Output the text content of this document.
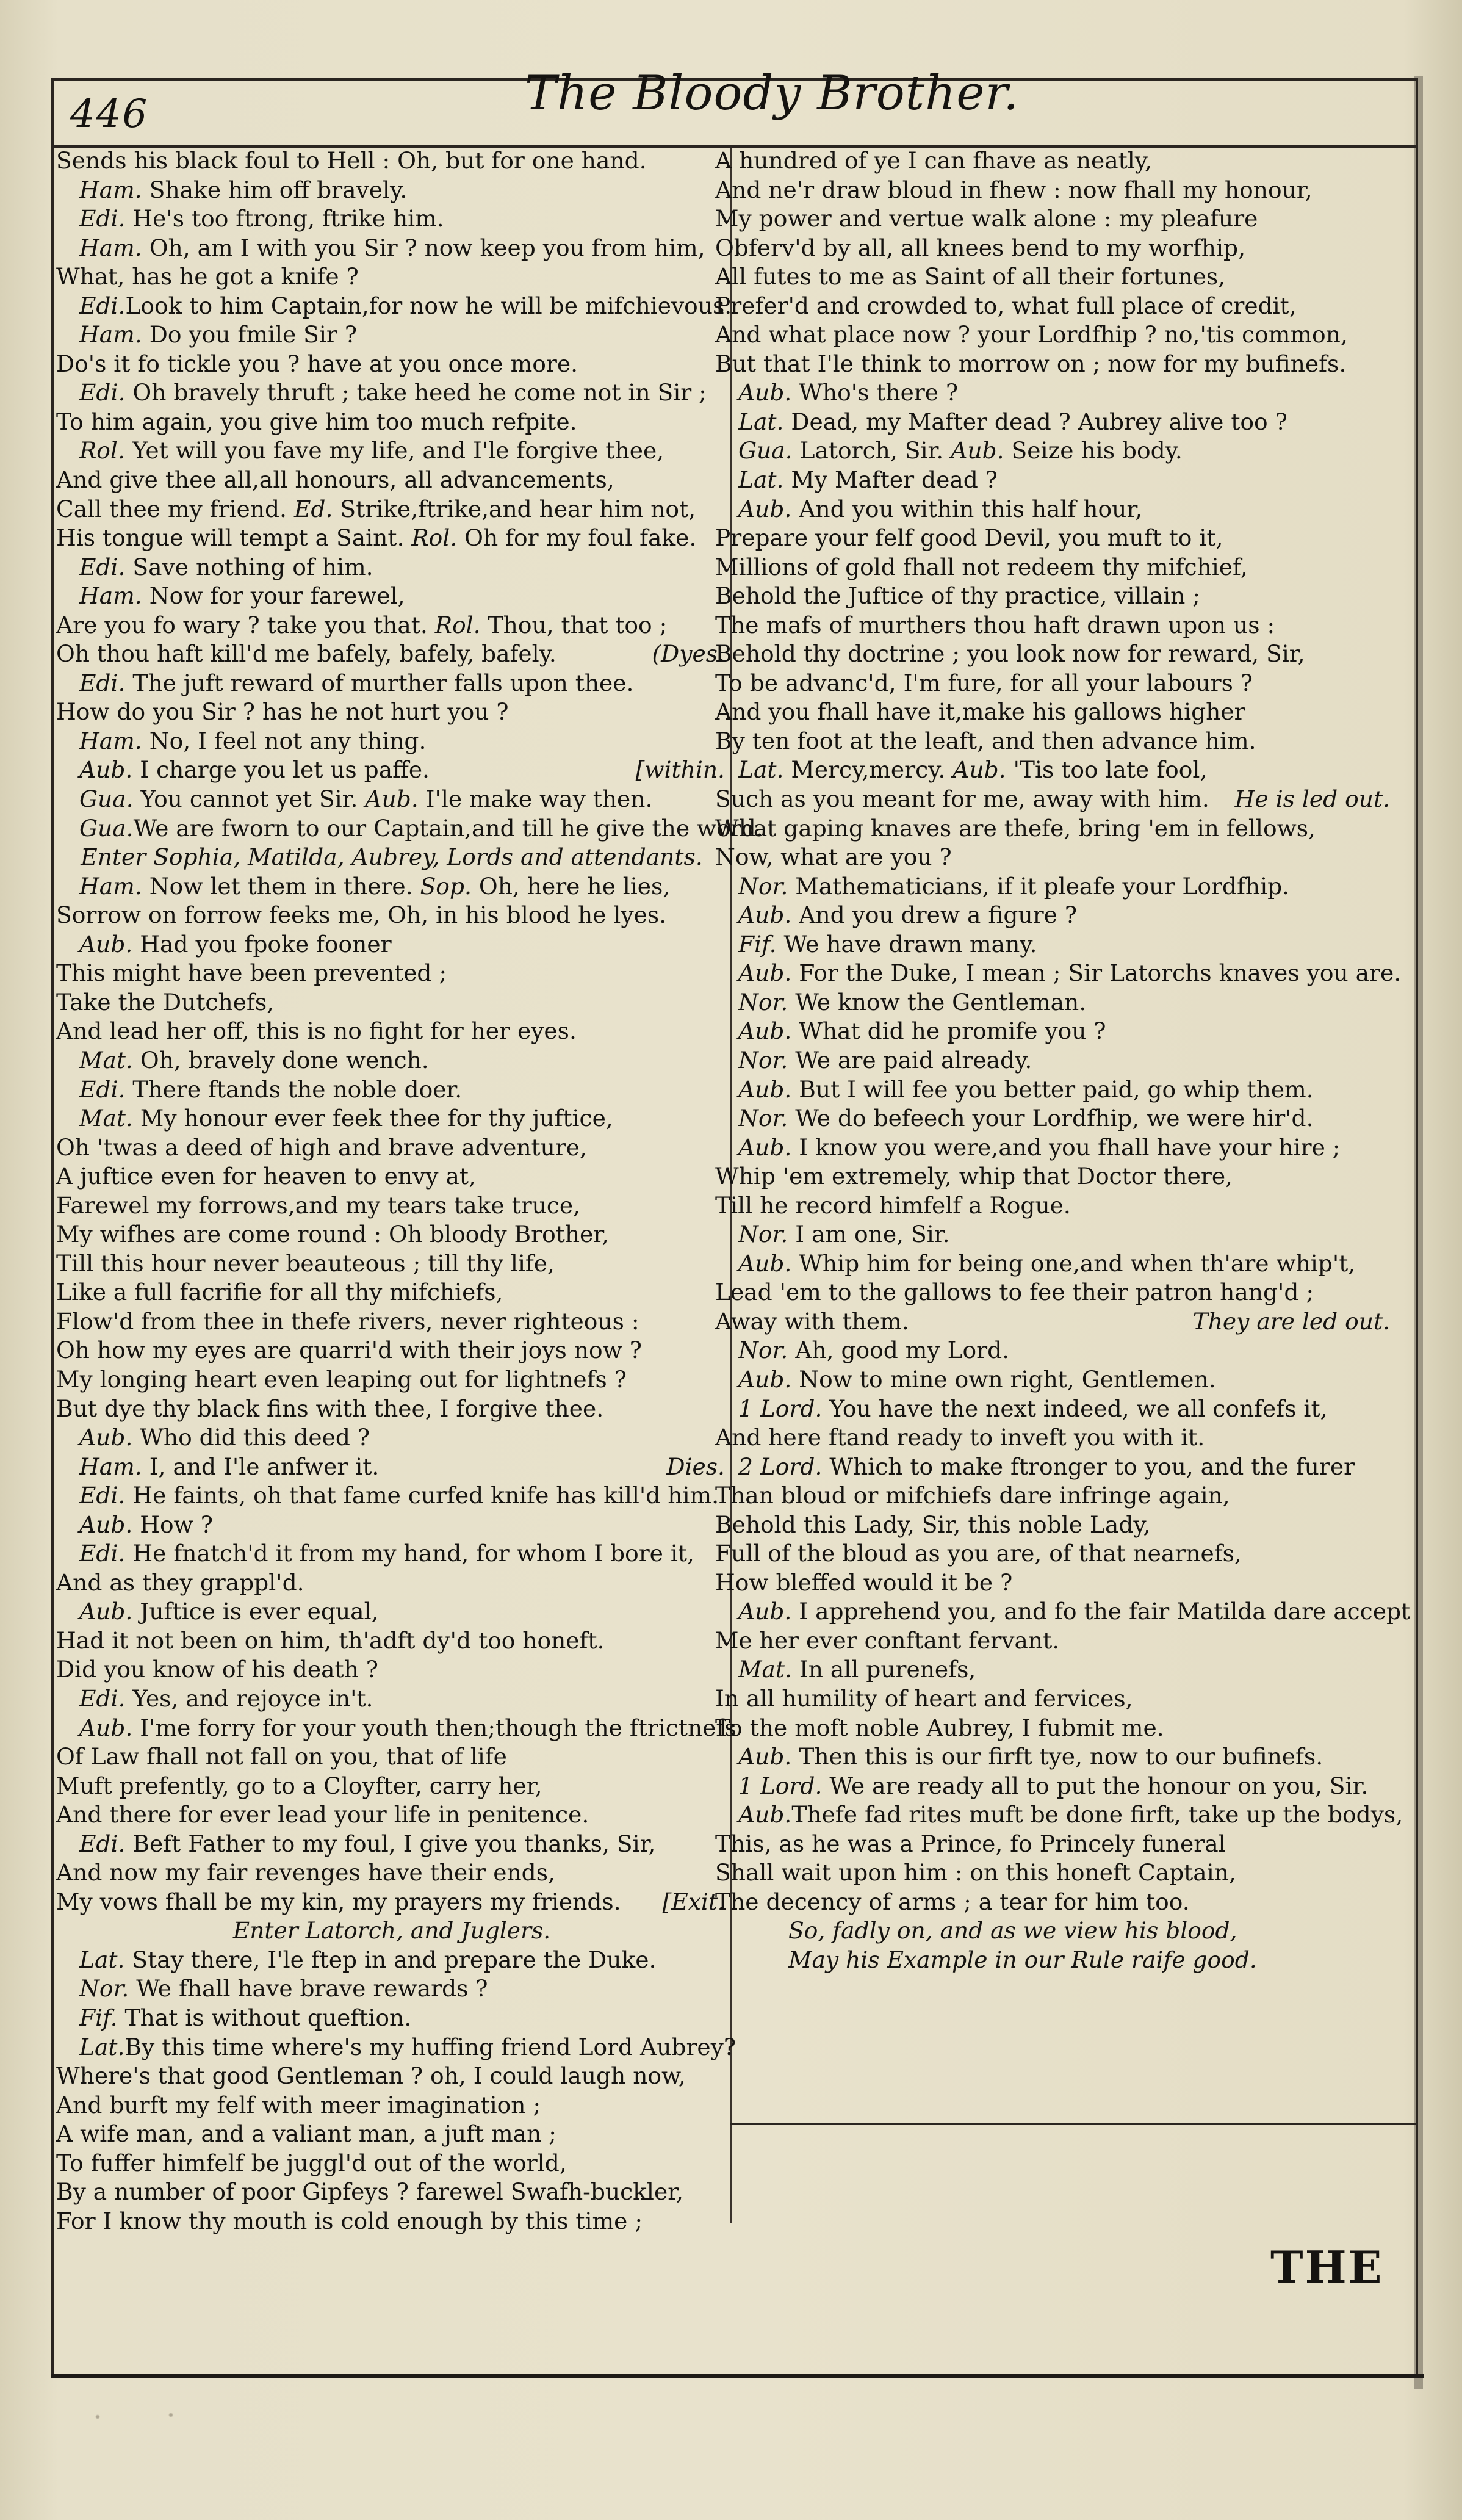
446	The Bloody Brother.
Sends his black foul to Hell : Oh, but for one hand.
Ham. Shake him off bravely.
Edi. He's too ftrong, ftrike him.
Ham. Oh, am I with you Sir ? now keep you from him,
What, has he got a knife ?
Edi.Look to him Captain,for now he will be mifchievous.
Ham. Do you fmile Sir ?
Do's it fo tickle you ? have at you once more.
Edi. Oh bravely thruft ; take heed he come not in Sir ;
To him again, you give him too much refpite.
Rol. Yet will you fave my life, and I'le forgive thee,
And give thee all,all honours, all advancements,
Call thee my friend. Ed. Strike,ftrike,and hear him not,
His tongue will tempt a Saint. Rol. Oh for my foul fake.
Edi. Save nothing of him.
Ham. Now for your farewel,
Are you fo wary ? take you that. Rol. Thou, that too ;
Oh thou haft kill'd me bafely, bafely, bafely.	(Dyes.
Edi. The juft reward of murther falls upon thee.
How do you Sir ? has he not hurt you ?
Ham. No, I feel not any thing.
Aub. I charge you let us paffe.	[within.
Gua. You cannot yet Sir. Aub. I'le make way then.
Gua.We are fworn to our Captain,and till he give the word.
Enter Sophia, Matilda, Aubrey, Lords and attendants.
Ham. Now let them in there. Sop. Oh, here he lies,
Sorrow on forrow feeks me, Oh, in his blood he lyes.
Aub. Had you fpoke fooner
This might have been prevented ;
Take the Dutchefs,
And lead her off, this is no fight for her eyes.
Mat. Oh, bravely done wench.
Edi. There ftands the noble doer.
Mat. My honour ever feek thee for thy juftice,
Oh 'twas a deed of high and brave adventure,
A juftice even for heaven to envy at,
Farewel my forrows,and my tears take truce,
My wifhes are come round : Oh bloody Brother,
Till this hour never beauteous ; till thy life,
Like a full facrifie for all thy mifchiefs,
Flow'd from thee in thefe rivers, never righteous :
Oh how my eyes are quarri'd with their joys now ?
My longing heart even leaping out for lightnefs ?
But dye thy black fins with thee, I forgive thee.
Aub. Who did this deed ?
Ham. I, and I'le anfwer it.	Dies.
Edi. He faints, oh that fame curfed knife has kill'd him.
Aub. How ?
Edi. He fnatch'd it from my hand, for whom I bore it,
And as they grappl'd.
Aub. Juftice is ever equal,
Had it not been on him, th'adft dy'd too honeft.
Did you know of his death ?
Edi. Yes, and rejoyce in't.
Aub. I'me forry for your youth then;though the ftrictnefs
Of Law fhall not fall on you, that of life
Muft prefently, go to a Cloyfter, carry her,
And there for ever lead your life in penitence.
Edi. Beft Father to my foul, I give you thanks, Sir,
And now my fair revenges have their ends,
My vows fhall be my kin, my prayers my friends. [Exit.
Enter Latorch, and Juglers.
Lat. Stay there, I'le ftep in and prepare the Duke.
Nor. We fhall have brave rewards ?
Fif. That is without queftion.
Lat.By this time where's my huffing friend Lord Aubrey?
Where's that good Gentleman ? oh, I could laugh now,
And burft my felf with meer imagination ;
A wife man, and a valiant man, a juft man ;
To fuffer himfelf be juggl'd out of the world,
By a number of poor Gipfeys ? farewel Swafh-buckler,
For I know thy mouth is cold enough by this time ;
A hundred of ye I can fhave as neatly,
And ne'r draw bloud in fhew : now fhall my honour,
My power and vertue walk alone : my pleafure
Obferv'd by all, all knees bend to my worfhip,
All futes to me as Saint of all their fortunes,
Prefer'd and crowded to, what full place of credit,
And what place now ? your Lordfhip ? no,'tis common,
But that I'le think to morrow on ; now for my bufinefs.
Aub. Who's there ?
Lat. Dead, my Mafter dead ? Aubrey alive too ?
Gua. Latorch, Sir. Aub. Seize his body.
Lat. My Mafter dead ?
Aub. And you within this half hour,
Prepare your felf good Devil, you muft to it,
Millions of gold fhall not redeem thy mifchief,
Behold the Juftice of thy practice, villain ;
The mafs of murthers thou haft drawn upon us :
Behold thy doctrine ; you look now for reward, Sir,
To be advanc'd, I'm fure, for all your labours ?
And you fhall have it,make his gallows higher
By ten foot at the leaft, and then advance him.
Lat. Mercy,mercy. Aub. 'Tis too late fool,
Such as you meant for me, away with him. He is led out.
What gaping knaves are thefe, bring 'em in fellows,
Now, what are you ?
Nor. Mathematicians, if it pleafe your Lordfhip.
Aub. And you drew a figure ?
Fif. We have drawn many.
Aub. For the Duke, I mean ; Sir Latorchs knaves you are.
Nor. We know the Gentleman.
Aub. What did he promife you ?
Nor. We are paid already.
Aub. But I will fee you better paid, go whip them.
Nor. We do befeech your Lordfhip, we were hir'd.
Aub. I know you were,and you fhall have your hire ;
Whip 'em extremely, whip that Doctor there,
Till he record himfelf a Rogue.
Nor. I am one, Sir.
Aub. Whip him for being one,and when th'are whip't,
Lead 'em to the gallows to fee their patron hang'd ;
Away with them.	They are led out.
Nor. Ah, good my Lord.
Aub. Now to mine own right, Gentlemen.
1 Lord. You have the next indeed, we all confefs it,
And here ftand ready to inveft you with it.
2 Lord. Which to make ftronger to you, and the furer
Than bloud or mifchiefs dare infringe again,
Behold this Lady, Sir, this noble Lady,
Full of the bloud as you are, of that nearnefs,
How bleffed would it be ?
Aub. I apprehend you, and fo the fair Matilda dare accept
Me her ever conftant fervant.
Mat. In all purenefs,
In all humility of heart and fervices,
To the moft noble Aubrey, I fubmit me.
Aub. Then this is our firft tye, now to our bufinefs.
1 Lord. We are ready all to put the honour on you, Sir.
Aub.Thefe fad rites muft be done firft, take up the bodys,
This, as he was a Prince, fo Princely funeral
Shall wait upon him : on this honeft Captain,
The decency of arms ; a tear for him too.
So, fadly on, and as we view his blood,
May his Example in our Rule raife good.
THE
